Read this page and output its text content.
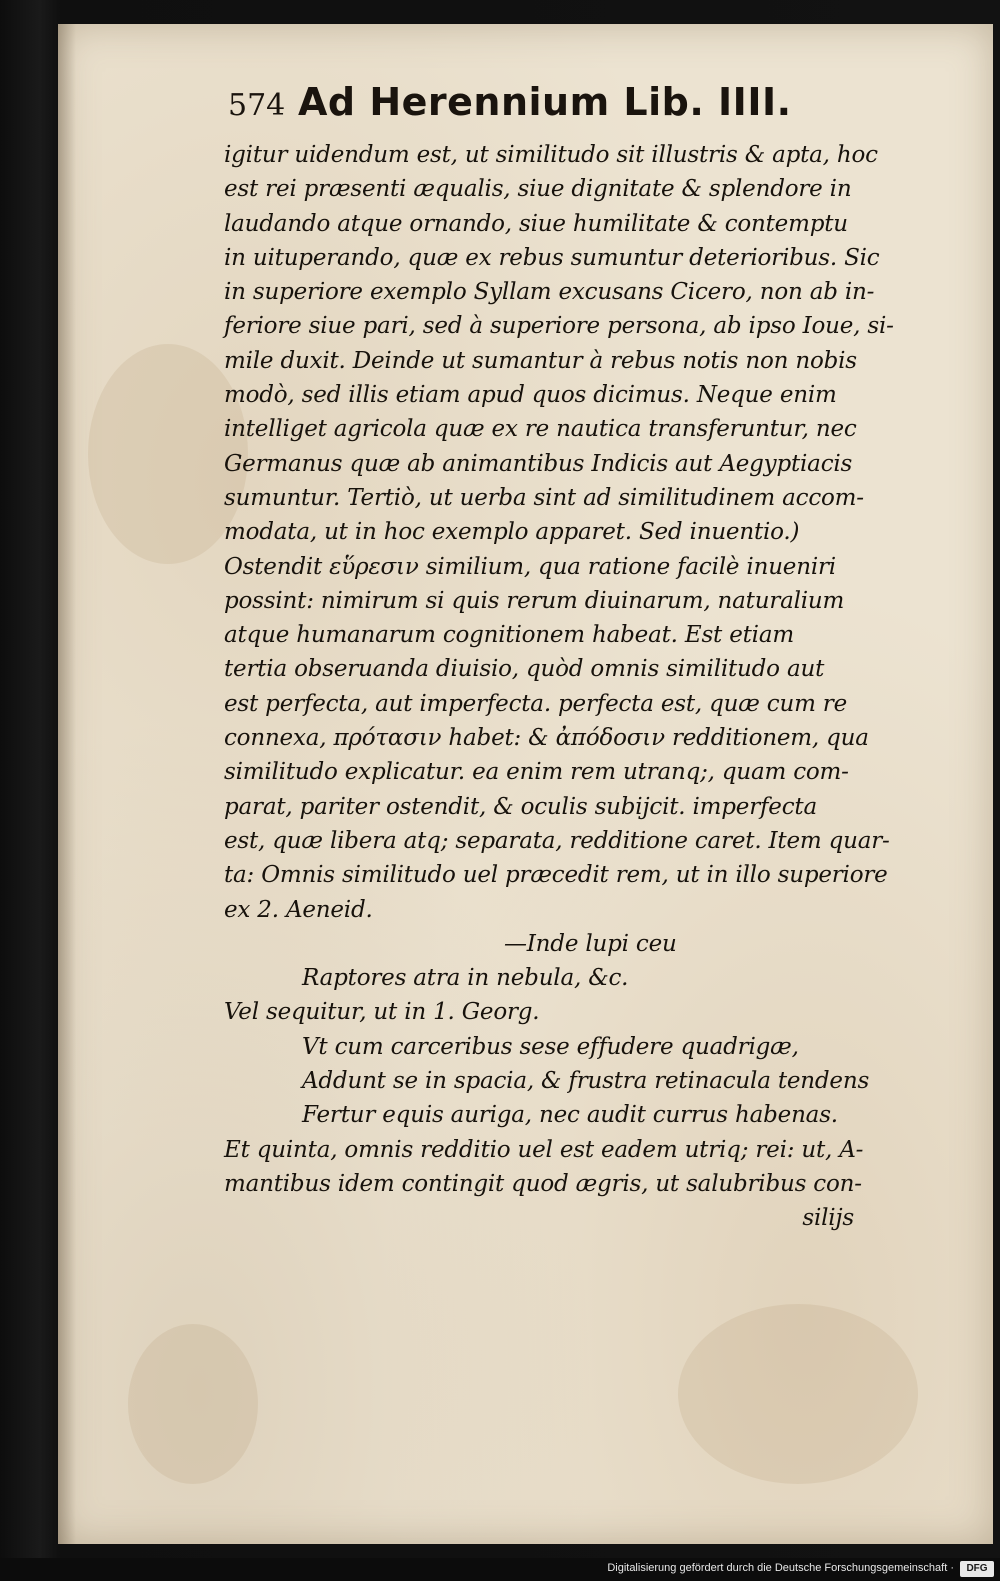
574 Ad Herennium Lib. IIII.
igitur uidendum est, ut similitudo sit illustris & apta, hoc
est rei præsenti æqualis, siue dignitate & splendore in
laudando atque ornando, siue humilitate & contemptu
in uituperando, quæ ex rebus sumuntur deterioribus. Sic
in superiore exemplo Syllam excusans Cicero, non ab in-
feriore siue pari, sed à superiore persona, ab ipso Ioue, si-
mile duxit. Deinde ut sumantur à rebus notis non nobis
modò, sed illis etiam apud quos dicimus. Neque enim
intelliget agricola quæ ex re nautica transferuntur, nec
Germanus quæ ab animantibus Indicis aut Aegyptiacis
sumuntur. Tertiò, ut uerba sint ad similitudinem accom-
modata, ut in hoc exemplo apparet. Sed inuentio.)
Ostendit εὕρεσιν similium, qua ratione facilè inueniri
possint: nimirum si quis rerum diuinarum, naturalium
atque humanarum cognitionem habeat. Est etiam
tertia obseruanda diuisio, quòd omnis similitudo aut
est perfecta, aut imperfecta. perfecta est, quæ cum re
connexa, πρότασιν habet: & ἀπόδοσιν redditionem, qua
similitudo explicatur. ea enim rem utranq;, quam com-
parat, pariter ostendit, & oculis subijcit. imperfecta
est, quæ libera atq; separata, redditione caret. Item quar-
ta: Omnis similitudo uel præcedit rem, ut in illo superiore
ex 2. Aeneid.
—Inde lupi ceu
Raptores atra in nebula, &c.
Vel sequitur, ut in 1. Georg.
Vt cum carceribus sese effudere quadrigæ,
Addunt se in spacia, & frustra retinacula tendens
Fertur equis auriga, nec audit currus habenas.
Et quinta, omnis redditio uel est eadem utriq; rei: ut, A-
mantibus idem contingit quod ægris, ut salubribus con-
silijs
Digitalisierung gefördert durch die Deutsche Forschungsgemeinschaft ·	DFG
